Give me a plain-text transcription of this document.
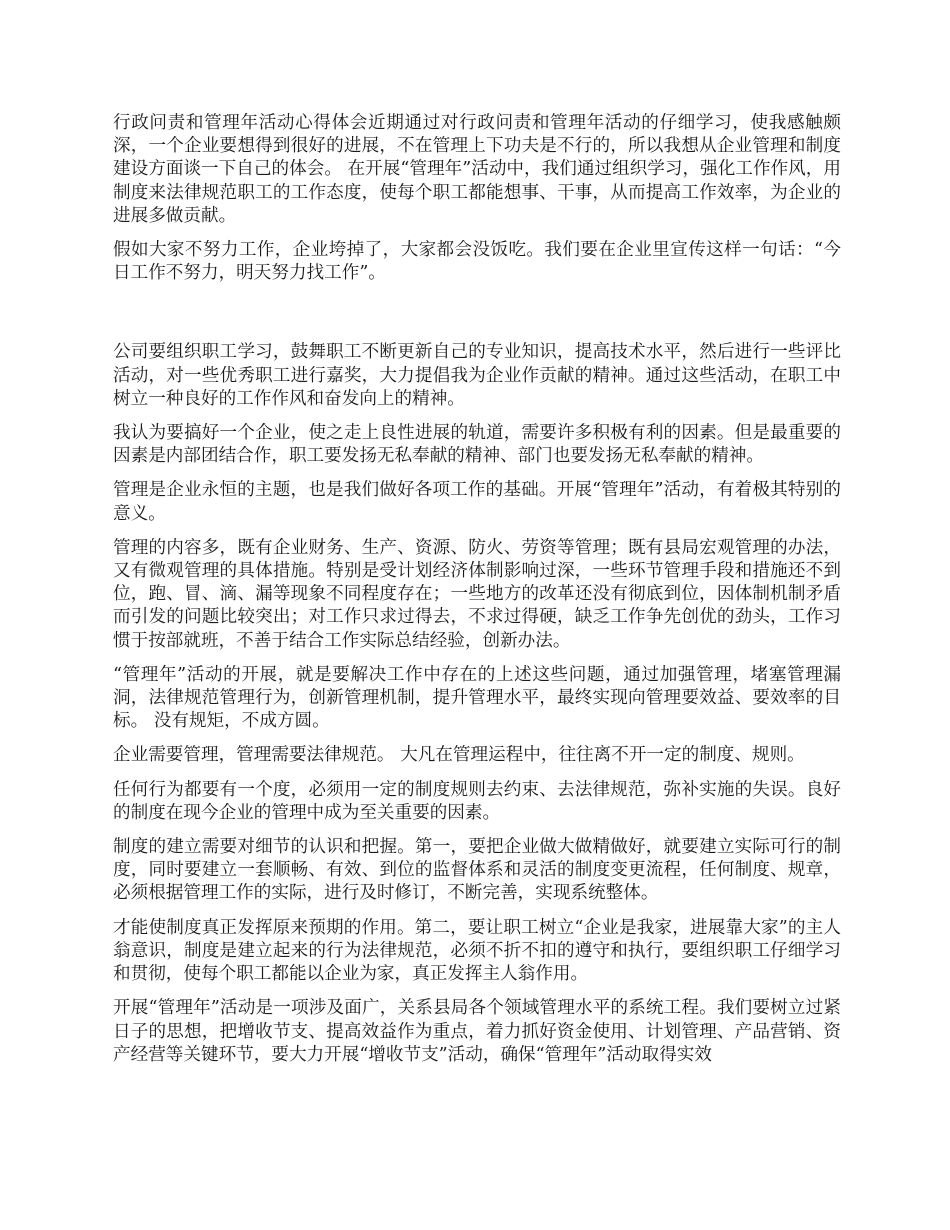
行政问责和管理年活动心得体会近期通过对行政问责和管理年活动的仔细学习，使我感触颇深，一个企业要想得到很好的进展，不在管理上下功夫是不行的，所以我想从企业管理和制度建设方面谈一下自己的体会。 在开展“管理年”活动中，我们通过组织学习，强化工作作风，用制度来法律规范职工的工作态度，使每个职工都能想事、干事，从而提高工作效率，为企业的进展多做贡献。

假如大家不努力工作，企业垮掉了，大家都会没饭吃。我们要在企业里宣传这样一句话：“今日工作不努力，明天努力找工作”。

公司要组织职工学习，鼓舞职工不断更新自己的专业知识，提高技术水平，然后进行一些评比活动，对一些优秀职工进行嘉奖，大力提倡我为企业作贡献的精神。通过这些活动，在职工中树立一种良好的工作作风和奋发向上的精神。

我认为要搞好一个企业，使之走上良性进展的轨道，需要许多积极有利的因素。但是最重要的因素是内部团结合作，职工要发扬无私奉献的精神、部门也要发扬无私奉献的精神。

管理是企业永恒的主题，也是我们做好各项工作的基础。开展“管理年”活动，有着极其特别的意义。

管理的内容多，既有企业财务、生产、资源、防火、劳资等管理；既有县局宏观管理的办法，又有微观管理的具体措施。特别是受计划经济体制影响过深，一些环节管理手段和措施还不到位，跑、冒、滴、漏等现象不同程度存在；一些地方的改革还没有彻底到位，因体制机制矛盾而引发的问题比较突出；对工作只求过得去，不求过得硬，缺乏工作争先创优的劲头，工作习惯于按部就班，不善于结合工作实际总结经验，创新办法。

“管理年”活动的开展，就是要解决工作中存在的上述这些问题，通过加强管理，堵塞管理漏洞，法律规范管理行为，创新管理机制，提升管理水平，最终实现向管理要效益、要效率的目标。 没有规矩，不成方圆。

企业需要管理，管理需要法律规范。 大凡在管理运程中，往往离不开一定的制度、规则。

任何行为都要有一个度，必须用一定的制度规则去约束、去法律规范，弥补实施的失误。良好的制度在现今企业的管理中成为至关重要的因素。

制度的建立需要对细节的认识和把握。第一，要把企业做大做精做好，就要建立实际可行的制度，同时要建立一套顺畅、有效、到位的监督体系和灵活的制度变更流程，任何制度、规章，必须根据管理工作的实际，进行及时修订，不断完善，实现系统整体。

才能使制度真正发挥原来预期的作用。第二，要让职工树立“企业是我家，进展靠大家”的主人翁意识，制度是建立起来的行为法律规范，必须不折不扣的遵守和执行，要组织职工仔细学习和贯彻，使每个职工都能以企业为家，真正发挥主人翁作用。

开展“管理年”活动是一项涉及面广，关系县局各个领域管理水平的系统工程。我们要树立过紧日子的思想，把增收节支、提高效益作为重点，着力抓好资金使用、计划管理、产品营销、资产经营等关键环节，要大力开展“增收节支”活动，确保“管理年”活动取得实效
